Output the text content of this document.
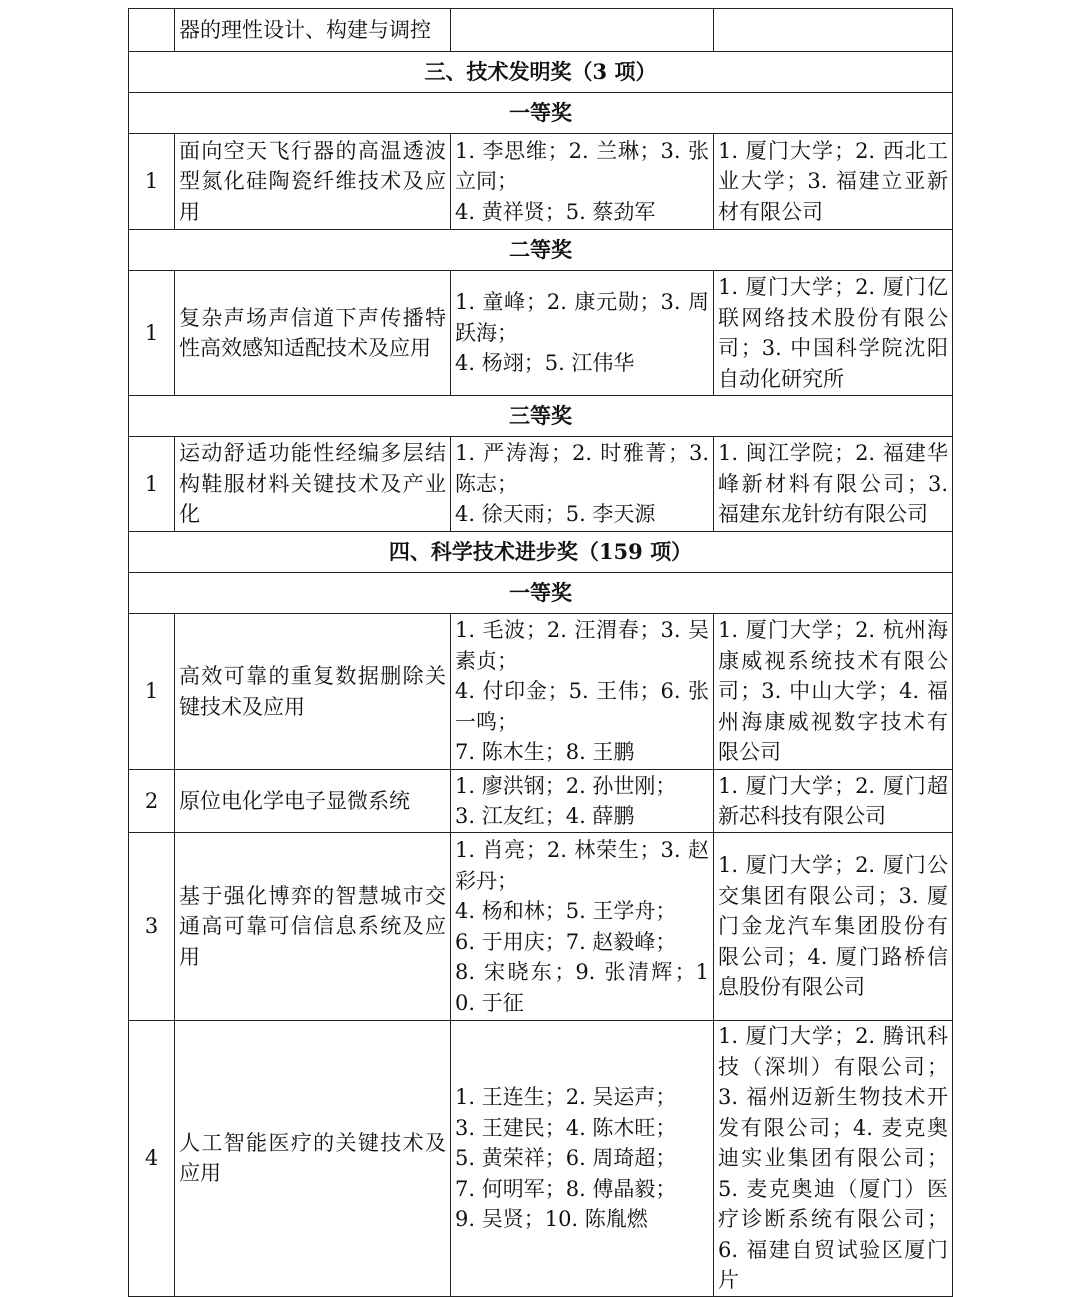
	器的理性设计、构建与调控		
三、技术发明奖（3 项）			
一等奖			
1	面向空天飞行器的高温透波型氮化硅陶瓷纤维技术及应用	1. 李思维；2. 兰琳；3. 张立同；
4. 黄祥贤；5. 蔡劲军	1. 厦门大学；2. 西北工业大学；3. 福建立亚新材有限公司
二等奖			
1	复杂声场声信道下声传播特性高效感知适配技术及应用	1. 童峰；2. 康元勋；3. 周跃海；
4. 杨翊；5. 江伟华	1. 厦门大学；2. 厦门亿联网络技术股份有限公司；3. 中国科学院沈阳自动化研究所
三等奖			
1	运动舒适功能性经编多层结构鞋服材料关键技术及产业化	1. 严涛海；2. 时雅菁；3. 陈志；
4. 徐天雨；5. 李天源	1. 闽江学院；2. 福建华峰新材料有限公司；3. 福建东龙针纺有限公司
四、科学技术进步奖（159 项）			
一等奖			
1	高效可靠的重复数据删除关键技术及应用	1. 毛波；2. 汪渭春；3. 吴素贞；
4. 付印金；5. 王伟；6. 张一鸣；
7. 陈木生；8. 王鹏	1. 厦门大学；2. 杭州海康威视系统技术有限公司；3. 中山大学；4. 福州海康威视数字技术有限公司
2	原位电化学电子显微系统	1. 廖洪钢；2. 孙世刚；
3. 江友红；4. 薛鹏	1. 厦门大学；2. 厦门超新芯科技有限公司
3	基于强化博弈的智慧城市交通高可靠可信信息系统及应用	1. 肖亮；2. 林荣生；3. 赵彩丹；
4. 杨和林；5. 王学舟；
6. 于用庆；7. 赵毅峰；
8. 宋晓东；9. 张清辉；10. 于征	1. 厦门大学；2. 厦门公交集团有限公司；3. 厦门金龙汽车集团股份有限公司；4. 厦门路桥信息股份有限公司
4	人工智能医疗的关键技术及应用	1. 王连生；2. 吴运声；
3. 王建民；4. 陈木旺；
5. 黄荣祥；6. 周琦超；
7. 何明军；8. 傅晶毅；
9. 吴贤；10. 陈胤燃	1. 厦门大学；2. 腾讯科技（深圳）有限公司；3. 福州迈新生物技术开发有限公司；4. 麦克奥迪实业集团有限公司；5. 麦克奥迪（厦门）医疗诊断系统有限公司；6. 福建自贸试验区厦门片
